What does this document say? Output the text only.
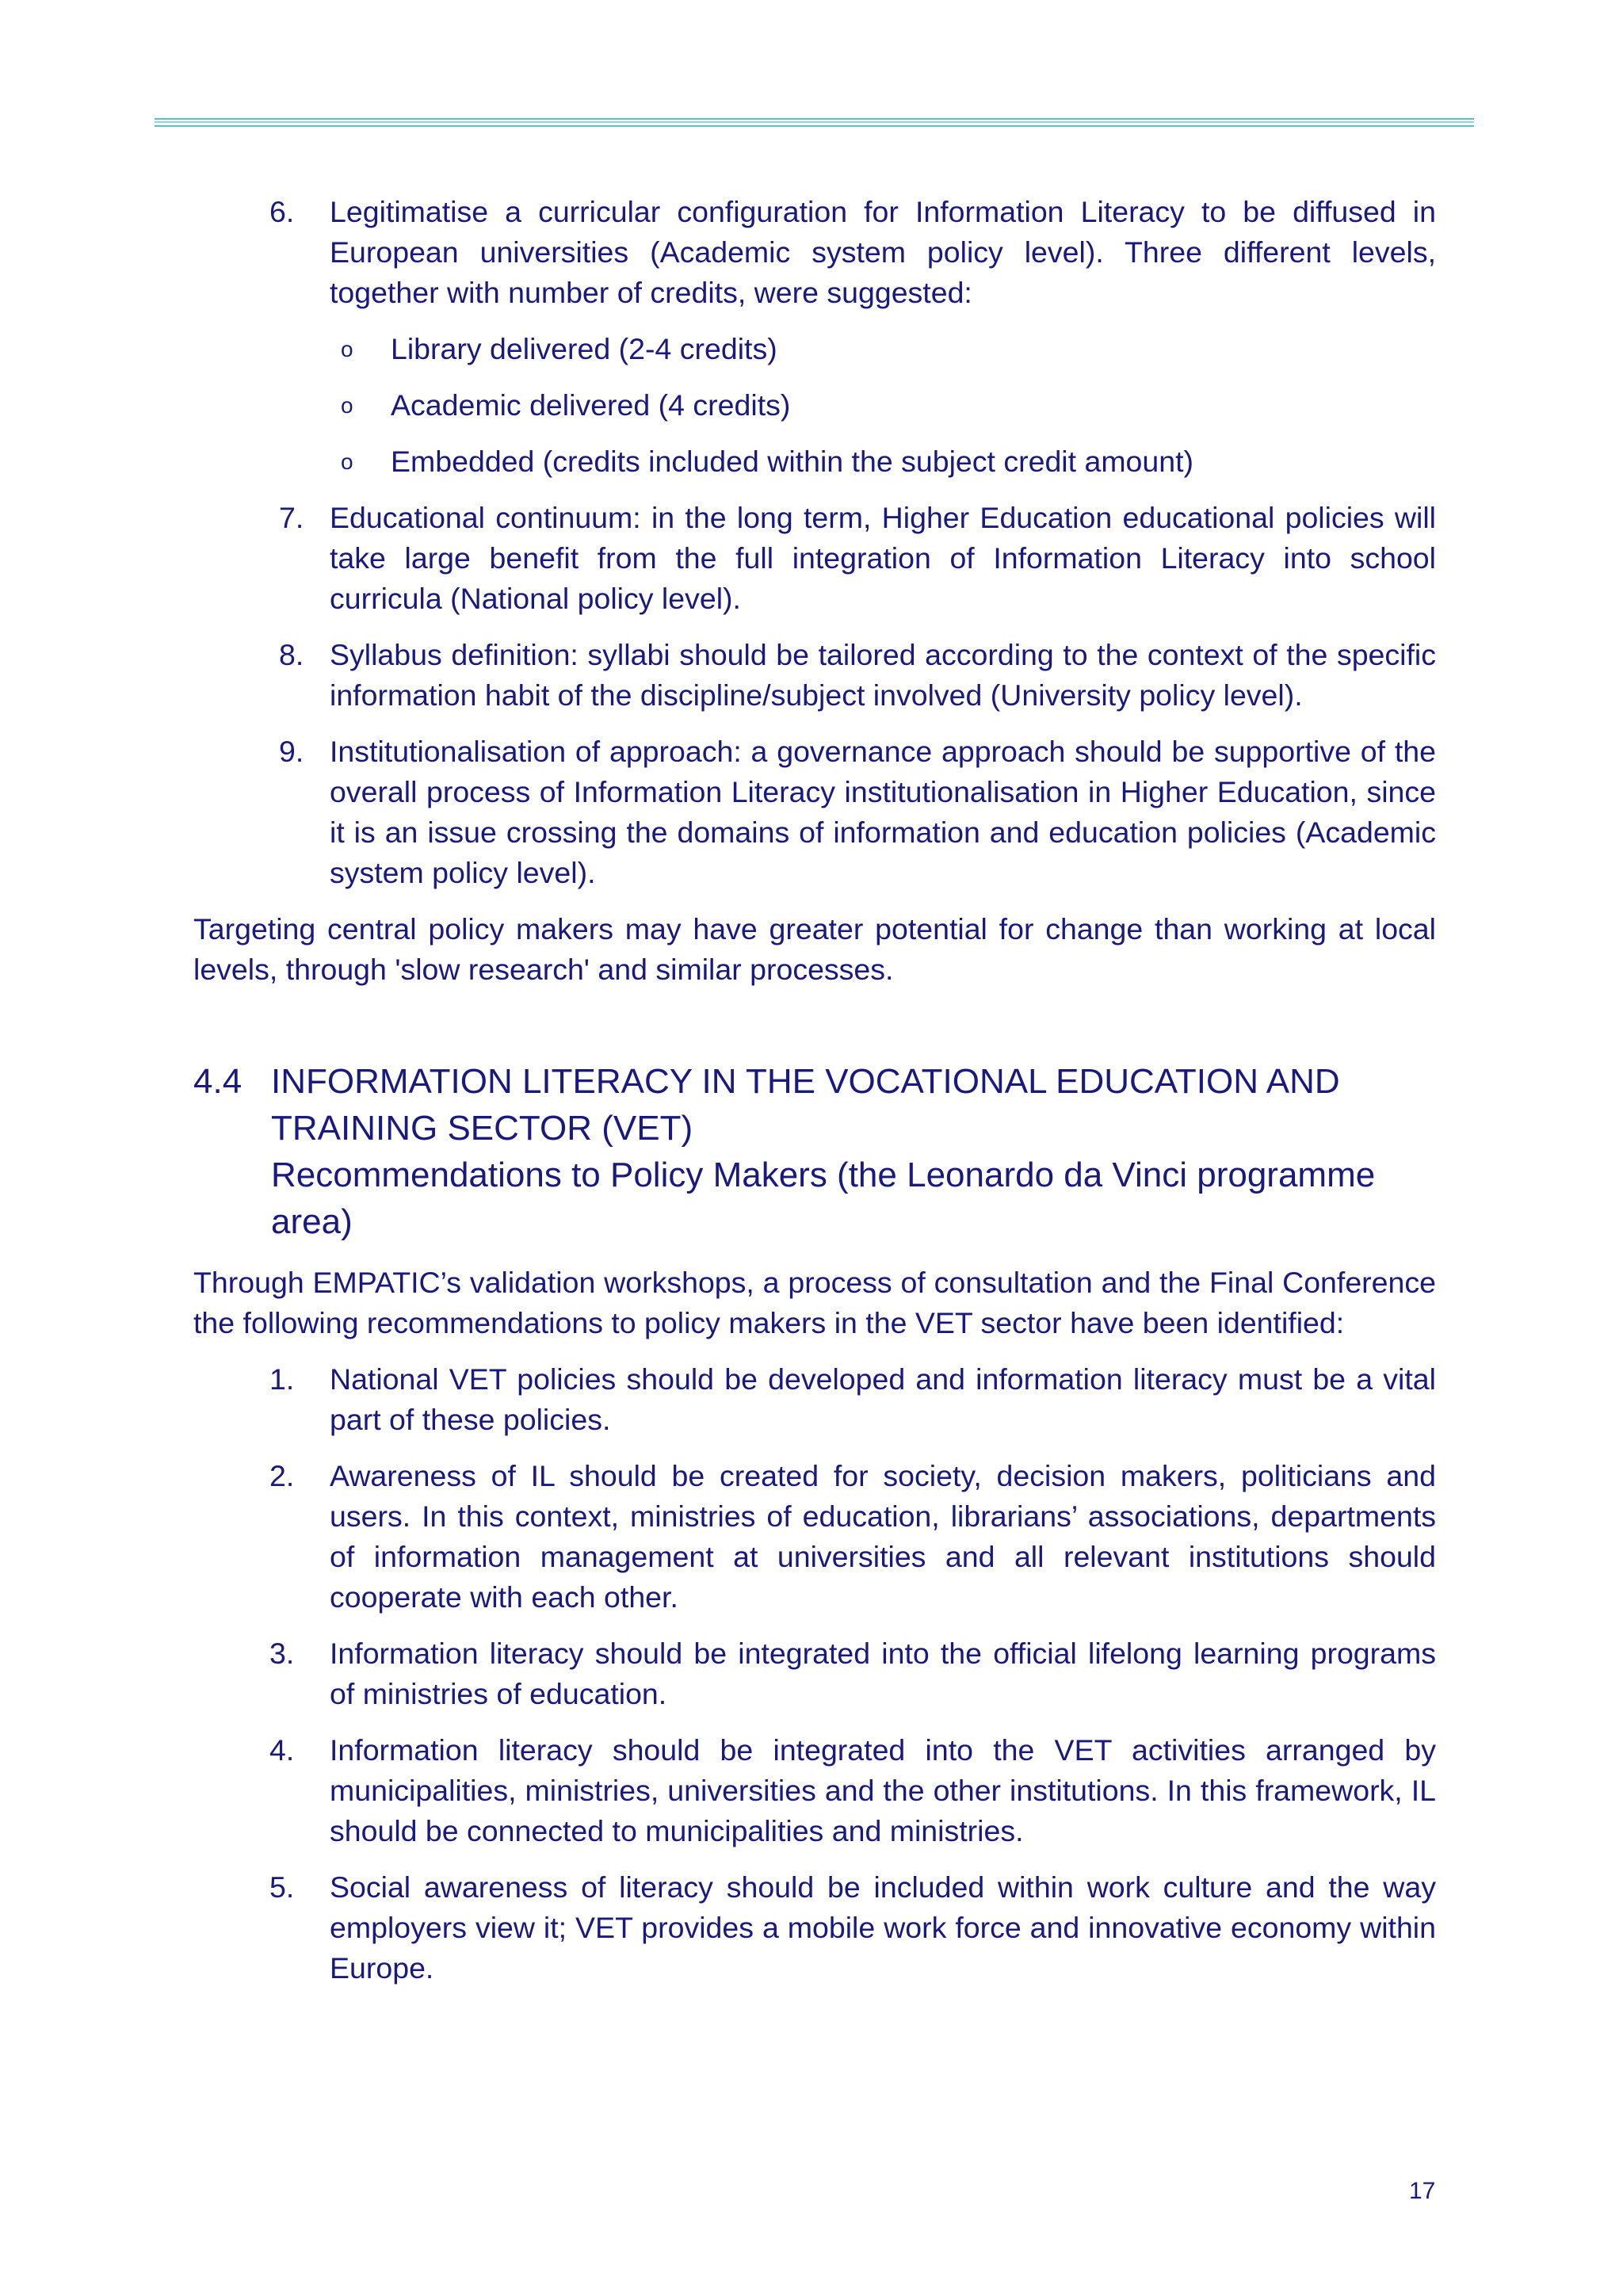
6.	Legitimatise a curricular configuration for Information Literacy to be diffused in European universities (Academic system policy level). Three different levels, together with number of credits, were suggested:
o Library delivered (2-4 credits)
o Academic delivered (4 credits)
o Embedded (credits included within the subject credit amount)
7. Educational continuum: in the long term, Higher Education educational policies will take large benefit from the full integration of Information Literacy into school curricula (National policy level).
8. Syllabus definition: syllabi should be tailored according to the context of the specific information habit of the discipline/subject involved (University policy level).
9. Institutionalisation of approach: a governance approach should be supportive of the overall process of Information Literacy institutionalisation in Higher Education, since it is an issue crossing the domains of information and education policies (Academic system policy level).

Targeting central policy makers may have greater potential for change than working at local levels, through 'slow research' and similar processes.

4.4 INFORMATION LITERACY IN THE VOCATIONAL EDUCATION AND TRAINING SECTOR (VET)
Recommendations to Policy Makers (the Leonardo da Vinci programme area)

Through EMPATIC’s validation workshops, a process of consultation and the Final Conference the following recommendations to policy makers in the VET sector have been identified:

1.	National VET policies should be developed and information literacy must be a vital part of these policies.
2.	Awareness of IL should be created for society, decision makers, politicians and users. In this context, ministries of education, librarians’ associations, departments of information management at universities and all relevant institutions should cooperate with each other.
3.	Information literacy should be integrated into the official lifelong learning programs of ministries of education.
4.	Information literacy should be integrated into the VET activities arranged by municipalities, ministries, universities and the other institutions. In this framework, IL should be connected to municipalities and ministries.
5.	Social awareness of literacy should be included within work culture and the way employers view it; VET provides a mobile work force and innovative economy within Europe.
17
